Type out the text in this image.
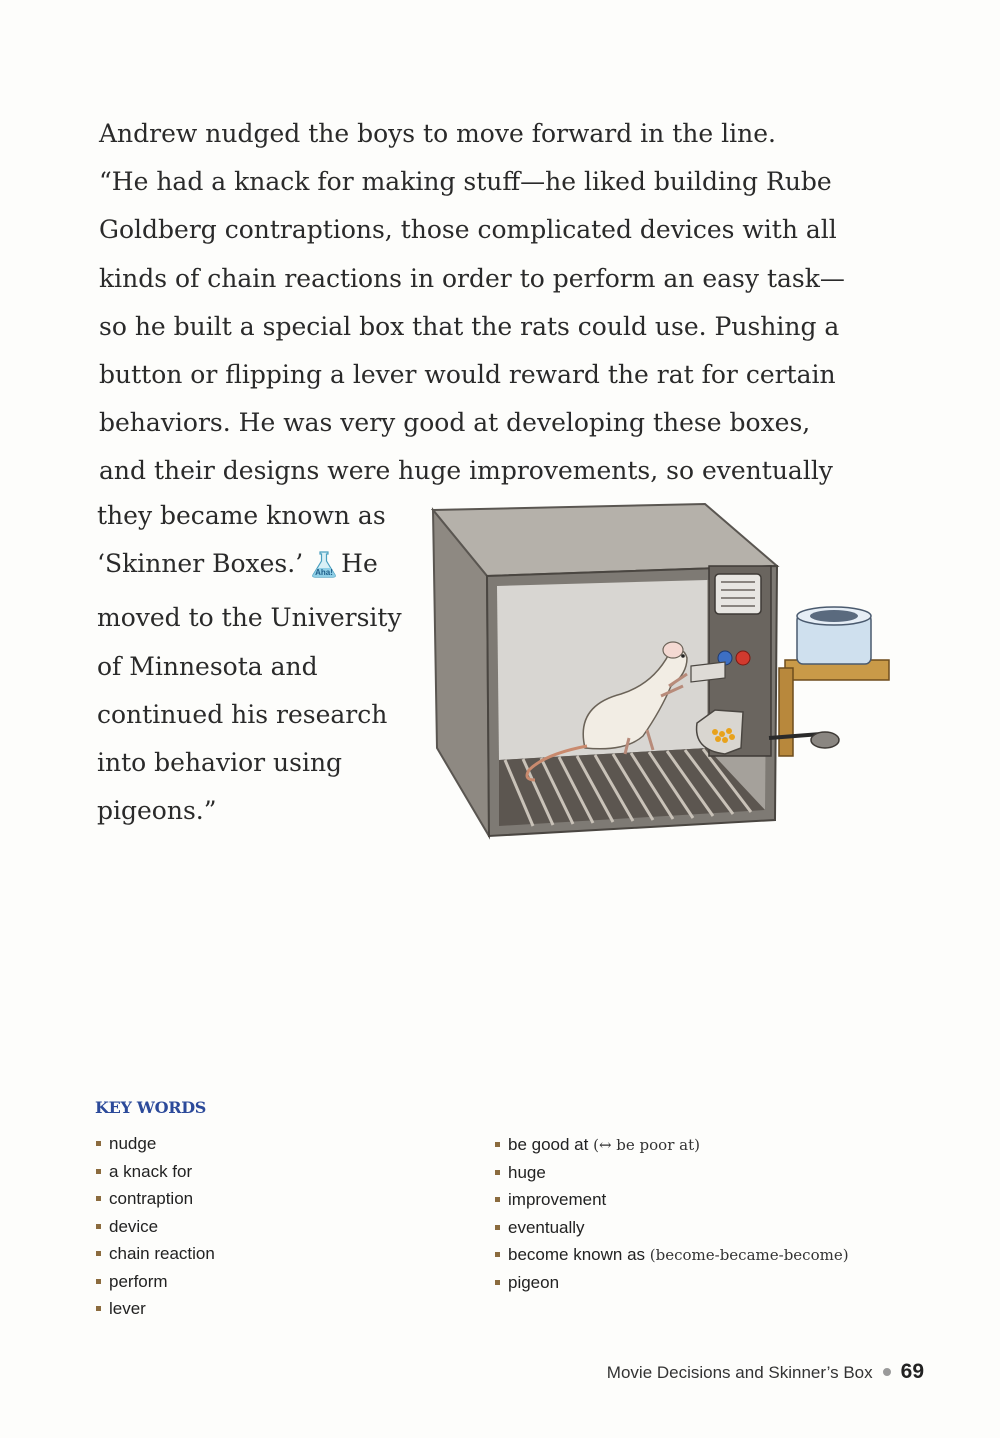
Andrew nudged the boys to move forward in the line.
“He had a knack for making stuff—he liked building Rube
Goldberg contraptions, those complicated devices with all
kinds of chain reactions in order to perform an easy task—
so he built a special box that the rats could use. Pushing a
button or flipping a lever would reward the rat for certain
behaviors. He was very good at developing these boxes,
and their designs were huge improvements, so eventually

they became known as
‘Skinner Boxes.’ Aha! He
moved to the University
of Minnesota and
continued his research
into behavior using
pigeons.”

KEY WORDS
nudge
a knack for
contraption
device
chain reaction
perform
lever
be good at (↔ be poor at)
huge
improvement
eventually
become known as (become-became-become)
pigeon
Movie Decisions and Skinner’s Box 69
